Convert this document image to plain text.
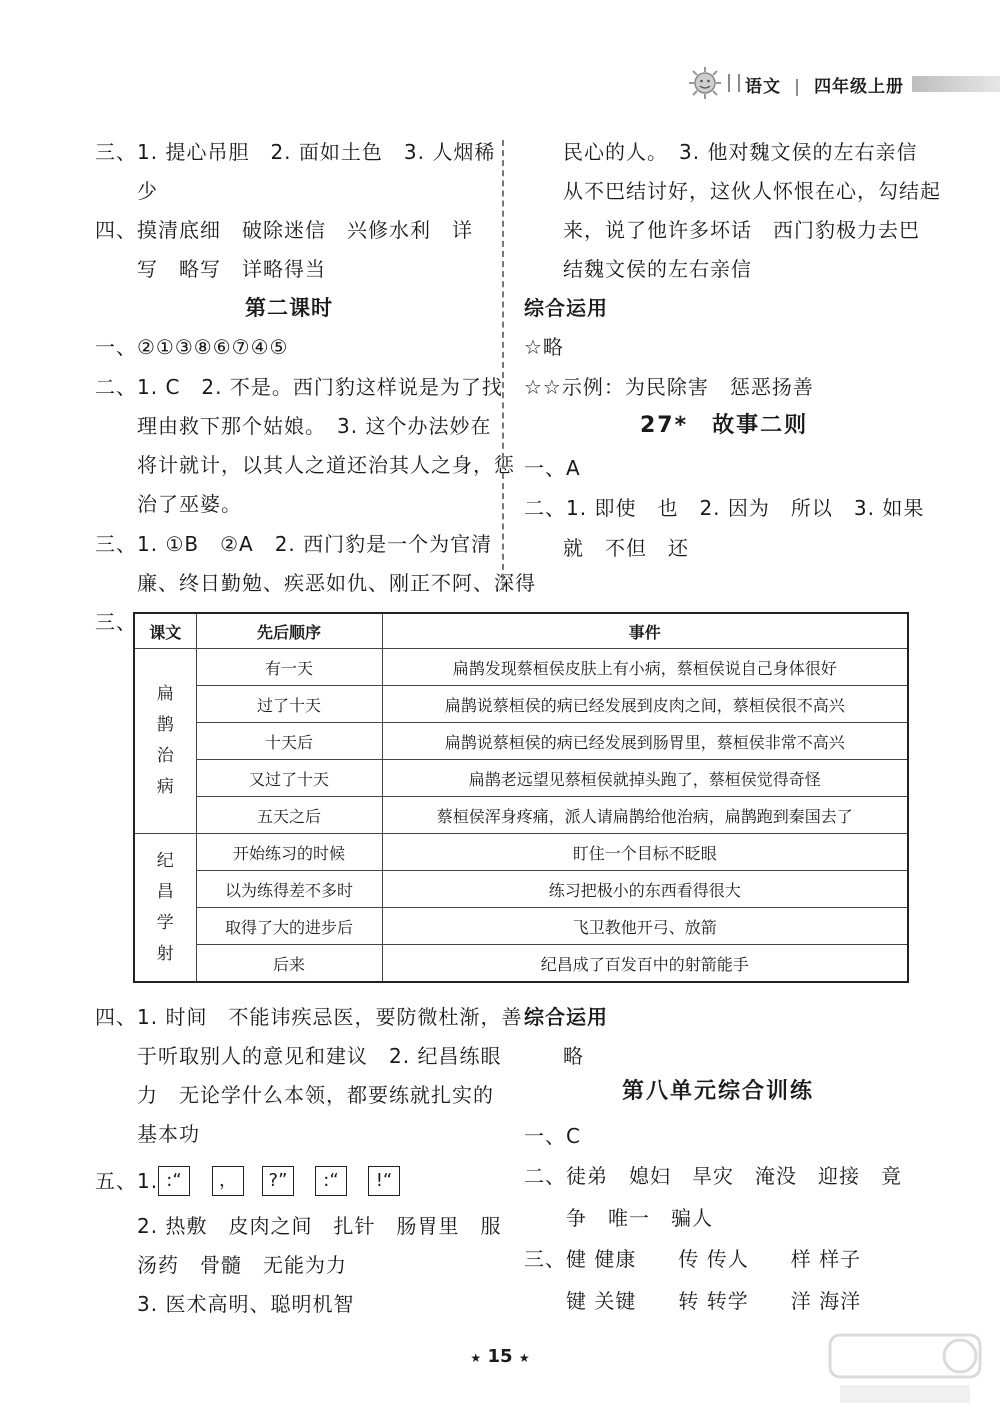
语文 | 四年级上册
三、1. 提心吊胆　2. 面如土色　3. 人烟稀
　　少
四、摸清底细　破除迷信　兴修水利　详
　　写　略写　详略得当
第二课时
一、②①③⑧⑥⑦④⑤
二、1. C　2. 不是。西门豹这样说是为了找
　　理由救下那个姑娘。　3. 这个办法妙在
　　将计就计，以其人之道还治其人之身，惩
　　治了巫婆。
三、1. ①B　②A　2. 西门豹是一个为官清
　　廉、终日勤勉、疾恶如仇、刚正不阿、深得
民心的人。　3. 他对魏文侯的左右亲信
从不巴结讨好，这伙人怀恨在心，勾结起
来，说了他许多坏话　西门豹极力去巴
结魏文侯的左右亲信
综合运用
☆略
☆☆示例：为民除害　惩恶扬善
27*　故事二则
一、A
二、1. 即使　也　2. 因为　所以　3. 如果
就　不但　还
三、 课文	先后顺序	事件
扁
鹊
治
病	有一天	扁鹊发现蔡桓侯皮肤上有小病，蔡桓侯说自己身体很好
	过了十天	扁鹊说蔡桓侯的病已经发展到皮肉之间，蔡桓侯很不高兴
	十天后	扁鹊说蔡桓侯的病已经发展到肠胃里，蔡桓侯非常不高兴
	又过了十天	扁鹊老远望见蔡桓侯就掉头跑了，蔡桓侯觉得奇怪
	五天之后	蔡桓侯浑身疼痛，派人请扁鹊给他治病，扁鹊跑到秦国去了
纪
昌
学
射	开始练习的时候	盯住一个目标不眨眼
	以为练得差不多时	练习把极小的东西看得很大
	取得了大的进步后	飞卫教他开弓、放箭
	后来	纪昌成了百发百中的射箭能手
四、1. 时间　不能讳疾忌医，要防微杜渐，善
　　于听取别人的意见和建议　2. 纪昌练眼
　　力　无论学什么本领，都要练就扎实的
　　基本功
五、1. :“	，	?”	:“	!“
　　2. 热敷　皮肉之间　扎针　肠胃里　服
　　汤药　骨髓　无能为力
　　3. 医术高明、聪明机智
综合运用
略
第八单元综合训练
一、C
二、徒弟　媳妇　旱灾　淹没　迎接　竟
　　争　唯一　骗人
三、健 健康　　传 传人　　样 样子
　　键 关键　　转 转学　　洋 海洋
★ 15 ★
